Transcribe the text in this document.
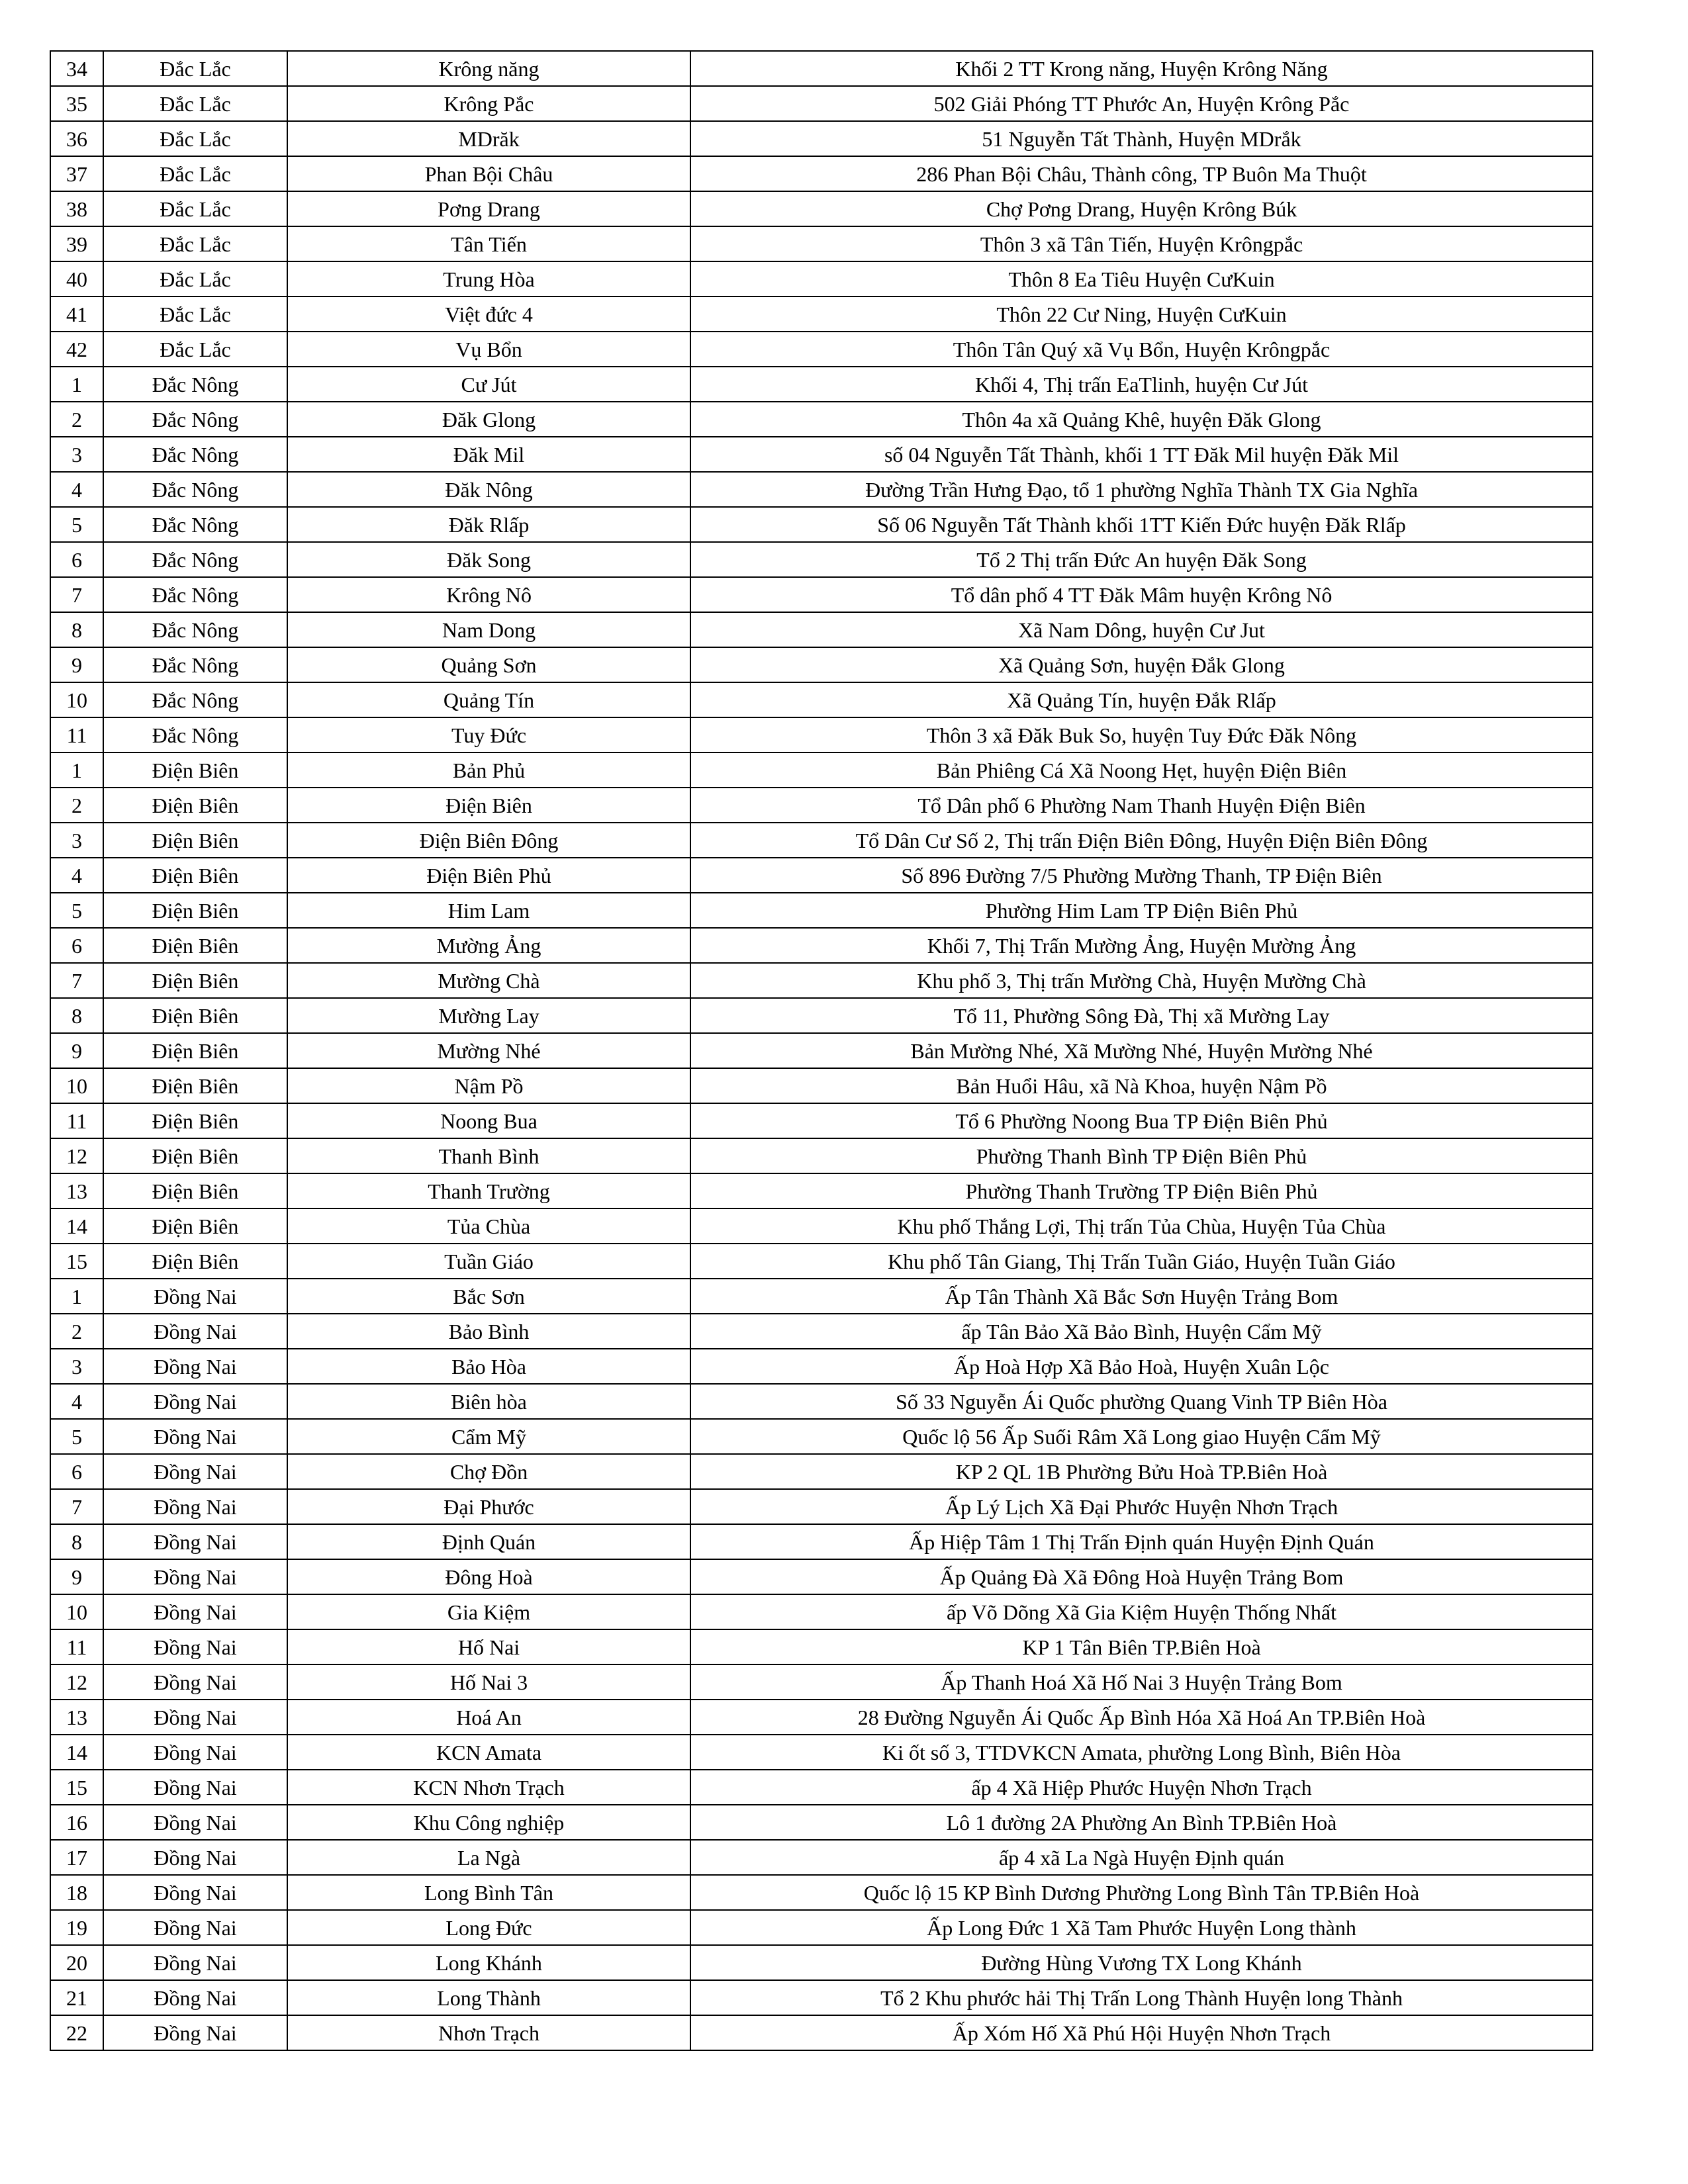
34	Đắc Lắc	Krông năng	Khối 2 TT Krong năng, Huyện Krông Năng
35	Đắc Lắc	Krông Pắc	502 Giải Phóng TT Phước An, Huyện Krông Pắc
36	Đắc Lắc	MDrăk	51 Nguyễn Tất Thành, Huyện MDrắk
37	Đắc Lắc	Phan Bội Châu	286 Phan Bội Châu, Thành công, TP Buôn Ma Thuột
38	Đắc Lắc	Pơng Drang	Chợ Pơng Drang, Huyện Krông Búk
39	Đắc Lắc	Tân Tiến	Thôn 3 xã Tân Tiến, Huyện Krôngpắc
40	Đắc Lắc	Trung Hòa	Thôn 8 Ea Tiêu Huyện CưKuin
41	Đắc Lắc	Việt đức 4	Thôn 22 Cư Ning, Huyện CưKuin
42	Đắc Lắc	Vụ Bổn	Thôn Tân Quý xã Vụ Bổn, Huyện Krôngpắc
1	Đắc Nông	Cư Jút	Khối 4, Thị trấn EaTlinh, huyện Cư Jút
2	Đắc Nông	Đăk Glong	Thôn 4a xã Quảng Khê, huyện Đăk Glong
3	Đắc Nông	Đăk Mil	số 04 Nguyễn Tất Thành, khối 1 TT Đăk Mil huyện Đăk Mil
4	Đắc Nông	Đăk Nông	Đường Trần Hưng Đạo, tổ 1 phường Nghĩa Thành TX Gia Nghĩa
5	Đắc Nông	Đăk Rlấp	Số 06 Nguyễn Tất Thành khối 1TT Kiến Đức huyện Đăk Rlấp
6	Đắc Nông	Đăk Song	Tổ 2 Thị trấn Đức An huyện Đăk Song
7	Đắc Nông	Krông Nô	Tổ dân phố 4 TT Đăk Mâm huyện Krông Nô
8	Đắc Nông	Nam Dong	Xã Nam Dông, huyện Cư Jut
9	Đắc Nông	Quảng Sơn	Xã Quảng Sơn, huyện Đắk Glong
10	Đắc Nông	Quảng Tín	Xã Quảng Tín, huyện Đắk Rlấp
11	Đắc Nông	Tuy Đức	Thôn 3 xã Đăk Buk So, huyện Tuy Đức Đăk Nông
1	Điện Biên	Bản Phủ	Bản Phiêng Cá Xã Noong Hẹt, huyện Điện Biên
2	Điện Biên	Điện Biên	Tổ Dân phố 6 Phường Nam Thanh Huyện Điện Biên
3	Điện Biên	Điện Biên Đông	Tổ Dân Cư Số 2, Thị trấn Điện Biên Đông, Huyện Điện Biên Đông
4	Điện Biên	Điện Biên Phủ	Số 896 Đường 7/5 Phường Mường Thanh, TP Điện Biên
5	Điện Biên	Him Lam	Phường Him Lam TP Điện Biên Phủ
6	Điện Biên	Mường Ảng	Khối 7, Thị Trấn Mường Ảng, Huyện Mường Ảng
7	Điện Biên	Mường Chà	Khu phố 3, Thị trấn Mường Chà, Huyện Mường Chà
8	Điện Biên	Mường Lay	Tổ 11, Phường Sông Đà, Thị xã Mường Lay
9	Điện Biên	Mường Nhé	Bản Mường Nhé, Xã Mường Nhé, Huyện Mường Nhé
10	Điện Biên	Nậm Pồ	Bản Huổi Hâu, xã Nà Khoa, huyện Nậm Pồ
11	Điện Biên	Noong Bua	Tổ 6 Phường Noong Bua TP Điện Biên Phủ
12	Điện Biên	Thanh Bình	Phường Thanh Bình TP Điện Biên Phủ
13	Điện Biên	Thanh Trường	Phường Thanh Trường TP Điện Biên Phủ
14	Điện Biên	Tủa Chùa	Khu phố Thắng Lợi, Thị trấn Tủa Chùa, Huyện Tủa Chùa
15	Điện Biên	Tuần Giáo	Khu phố Tân Giang, Thị Trấn Tuần Giáo, Huyện Tuần Giáo
1	Đồng Nai	Bắc Sơn	Ấp Tân Thành Xã Bắc Sơn Huyện Trảng Bom
2	Đồng Nai	Bảo Bình	ấp Tân Bảo Xã Bảo Bình, Huyện Cẩm Mỹ
3	Đồng Nai	Bảo Hòa	Ấp Hoà Hợp Xã Bảo Hoà, Huyện Xuân Lộc
4	Đồng Nai	Biên hòa	Số 33 Nguyễn Ái Quốc phường Quang Vinh TP Biên Hòa
5	Đồng Nai	Cẩm Mỹ	Quốc lộ 56 Ấp Suối Râm Xã Long giao Huyện Cẩm Mỹ
6	Đồng Nai	Chợ Đồn	KP 2 QL 1B Phường Bửu Hoà TP.Biên Hoà
7	Đồng Nai	Đại Phước	Ấp Lý Lịch Xã Đại Phước Huyện Nhơn Trạch
8	Đồng Nai	Định Quán	Ấp Hiệp Tâm 1 Thị Trấn Định quán Huyện Định Quán
9	Đồng Nai	Đông Hoà	Ấp Quảng Đà Xã Đông Hoà Huyện Trảng Bom
10	Đồng Nai	Gia Kiệm	ấp Võ Dõng Xã Gia Kiệm Huyện Thống Nhất
11	Đồng Nai	Hố Nai	KP 1 Tân Biên TP.Biên Hoà
12	Đồng Nai	Hố Nai 3	Ấp Thanh Hoá Xã Hố Nai 3 Huyện Trảng Bom
13	Đồng Nai	Hoá An	28 Đường Nguyễn Ái Quốc Ấp Bình Hóa Xã Hoá An TP.Biên Hoà
14	Đồng Nai	KCN Amata	Ki ốt số 3, TTDVKCN Amata, phường Long Bình, Biên Hòa
15	Đồng Nai	KCN Nhơn Trạch	ấp 4 Xã Hiệp Phước Huyện Nhơn Trạch
16	Đồng Nai	Khu Công nghiệp	Lô 1 đường 2A Phường An Bình TP.Biên Hoà
17	Đồng Nai	La Ngà	ấp 4 xã La Ngà Huyện Định quán
18	Đồng Nai	Long Bình Tân	Quốc lộ 15 KP Bình Dương Phường Long Bình Tân TP.Biên Hoà
19	Đồng Nai	Long Đức	Ấp Long Đức 1 Xã Tam Phước Huyện Long thành
20	Đồng Nai	Long Khánh	Đường Hùng Vương TX Long Khánh
21	Đồng Nai	Long Thành	Tổ 2 Khu phước hải Thị Trấn Long Thành Huyện long Thành
22	Đồng Nai	Nhơn Trạch	Ấp Xóm Hố Xã Phú Hội Huyện Nhơn Trạch
